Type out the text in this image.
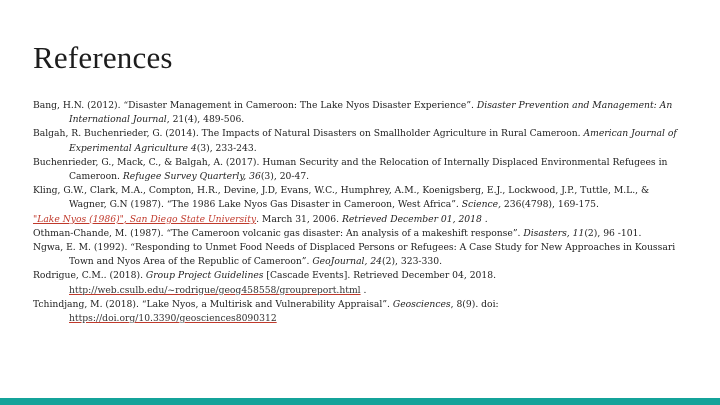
References

Bang, H.N. (2012). “Disaster Management in Cameroon: The Lake Nyos Disaster Experience”. Disaster Prevention and Management: An International Journal, 21(4), 489-506.

Balgah, R. Buchenrieder, G. (2014). The Impacts of Natural Disasters on Smallholder Agriculture in Rural Cameroon. American Journal of Experimental Agriculture 4(3), 233-243.

Buchenrieder, G., Mack, C., & Balgah, A. (2017). Human Security and the Relocation of Internally Displaced Environmental Refugees in Cameroon. Refugee Survey Quarterly, 36(3), 20-47.

Kling, G.W., Clark, M.A., Compton, H.R., Devine, J.D, Evans, W.C., Humphrey, A.M., Koenigsberg, E.J., Lockwood, J.P., Tuttle, M.L., & Wagner, G.N (1987). “The 1986 Lake Nyos Gas Disaster in Cameroon, West Africa”. Science, 236(4798), 169-175.

"Lake Nyos (1986)", San Diego State University. March 31, 2006. Retrieved December 01, 2018 .

Othman-Chande, M. (1987). “The Cameroon volcanic gas disaster: An analysis of a makeshift response”. Disasters, 11(2), 96 -101.

Ngwa, E. M. (1992). “Responding to Unmet Food Needs of Displaced Persons or Refugees: A Case Study for New Approaches in Koussari Town and Nyos Area of the Republic of Cameroon”. GeoJournal, 24(2), 323-330.

Rodrigue, C.M.. (2018). Group Project Guidelines [Cascade Events]. Retrieved December 04, 2018. http://web.csulb.edu/~rodrigue/geog458558/groupreport.html .

Tchindjang, M. (2018). “Lake Nyos, a Multirisk and Vulnerability Appraisal”. Geosciences, 8(9). doi: https://doi.org/10.3390/geosciences8090312
